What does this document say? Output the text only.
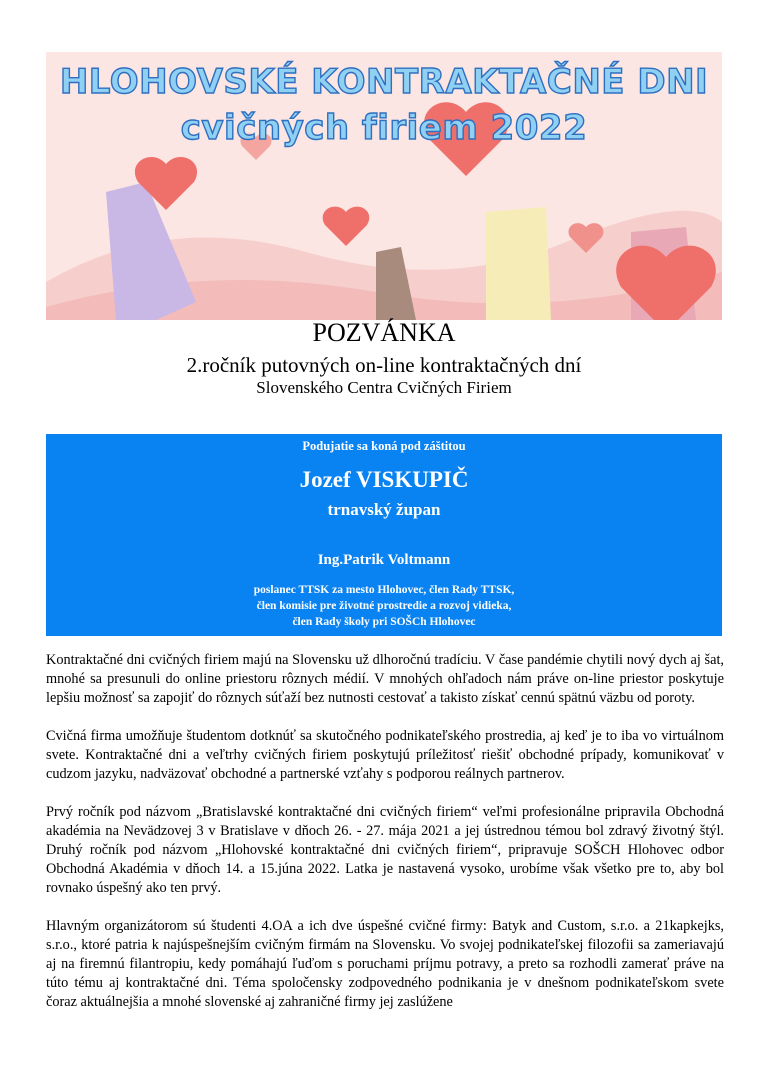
HLOHOVSKÉ KONTRAKTAČNÉ DNI
cvičných firiem 2022
POZVÁNKA
2.ročník putovných on-line kontraktačných dní
Slovenského Centra Cvičných Firiem
Podujatie sa koná pod záštitou
Jozef VISKUPIČ
trnavský župan
Ing.Patrik Voltmann
poslanec TTSK za mesto Hlohovec, člen Rady TTSK,
člen komisie pre životné prostredie a rozvoj vidieka,
člen Rady školy pri SOŠCh Hlohovec

Kontraktačné dni cvičných firiem majú na Slovensku už dlhoročnú tradíciu. V čase pandémie chytili nový dych aj šat, mnohé sa presunuli do online priestoru rôznych médií. V mnohých ohľadoch nám práve on-line priestor poskytuje lepšiu možnosť sa zapojiť do rôznych súťaží bez nutnosti cestovať a takisto získať cennú spätnú väzbu od poroty.

Cvičná firma umožňuje študentom dotknúť sa skutočného podnikateľského prostredia, aj keď je to iba vo virtuálnom svete. Kontraktačné dni a veľtrhy cvičných firiem poskytujú príležitosť riešiť obchodné prípady, komunikovať v cudzom jazyku, nadväzovať obchodné a partnerské vzťahy s podporou reálnych partnerov.

Prvý ročník pod názvom „Bratislavské kontraktačné dni cvičných firiem“ veľmi profesionálne pripravila Obchodná akadémia na Nevädzovej 3 v Bratislave v dňoch 26. - 27. mája 2021 a jej ústrednou témou bol zdravý životný štýl. Druhý ročník pod názvom „Hlohovské kontraktačné dni cvičných firiem“, pripravuje SOŠCH Hlohovec odbor Obchodná Akadémia v dňoch 14. a 15.júna 2022. Latka je nastavená vysoko, urobíme však všetko pre to, aby bol rovnako úspešný ako ten prvý.

Hlavným organizátorom sú študenti 4.OA a ich dve úspešné cvičné firmy: Batyk and Custom, s.r.o. a 21kapkejks, s.r.o., ktoré patria k najúspešnejším cvičným firmám na Slovensku. Vo svojej podnikateľskej filozofii sa zameriavajú aj na firemnú filantropiu, kedy pomáhajú ľuďom s poruchami príjmu potravy, a preto sa rozhodli zamerať práve na túto tému aj kontraktačné dni. Téma spoločensky zodpovedného podnikania je v dnešnom podnikateľskom svete čoraz aktuálnejšia a mnohé slovenské aj zahraničné firmy jej zaslúžene
